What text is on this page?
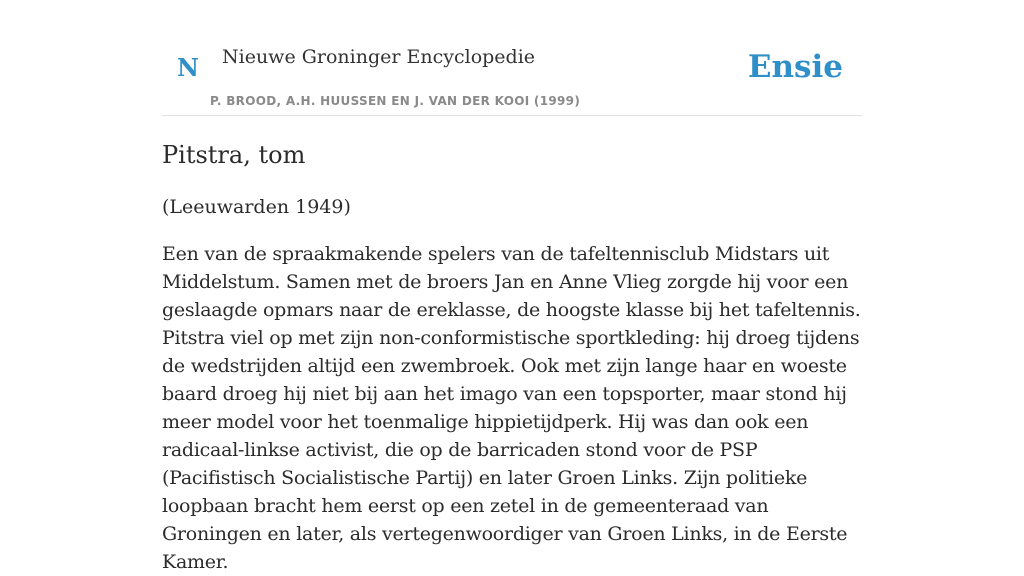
N Nieuwe Groninger Encyclopedie
P. BROOD, A.H. HUUSSEN EN J. VAN DER KOOI (1999)
Ensie
Pitstra, tom

(Leeuwarden 1949)

Een van de spraakmakende spelers van de tafeltennisclub Midstars uit Middelstum. Samen met de broers Jan en Anne Vlieg zorgde hij voor een geslaagde opmars naar de ereklasse, de hoogste klasse bij het tafeltennis. Pitstra viel op met zijn non-conformistische sportkleding: hij droeg tijdens de wedstrijden altijd een zwembroek. Ook met zijn lange haar en woeste baard droeg hij niet bij aan het imago van een topsporter, maar stond hij meer model voor het toenmalige hippietijdperk. Hij was dan ook een radicaal-linkse activist, die op de barricaden stond voor de PSP (Pacifistisch Socialistische Partij) en later Groen Links. Zijn politieke loopbaan bracht hem eerst op een zetel in de gemeenteraad van Groningen en later, als vertegenwoordiger van Groen Links, in de Eerste Kamer.
